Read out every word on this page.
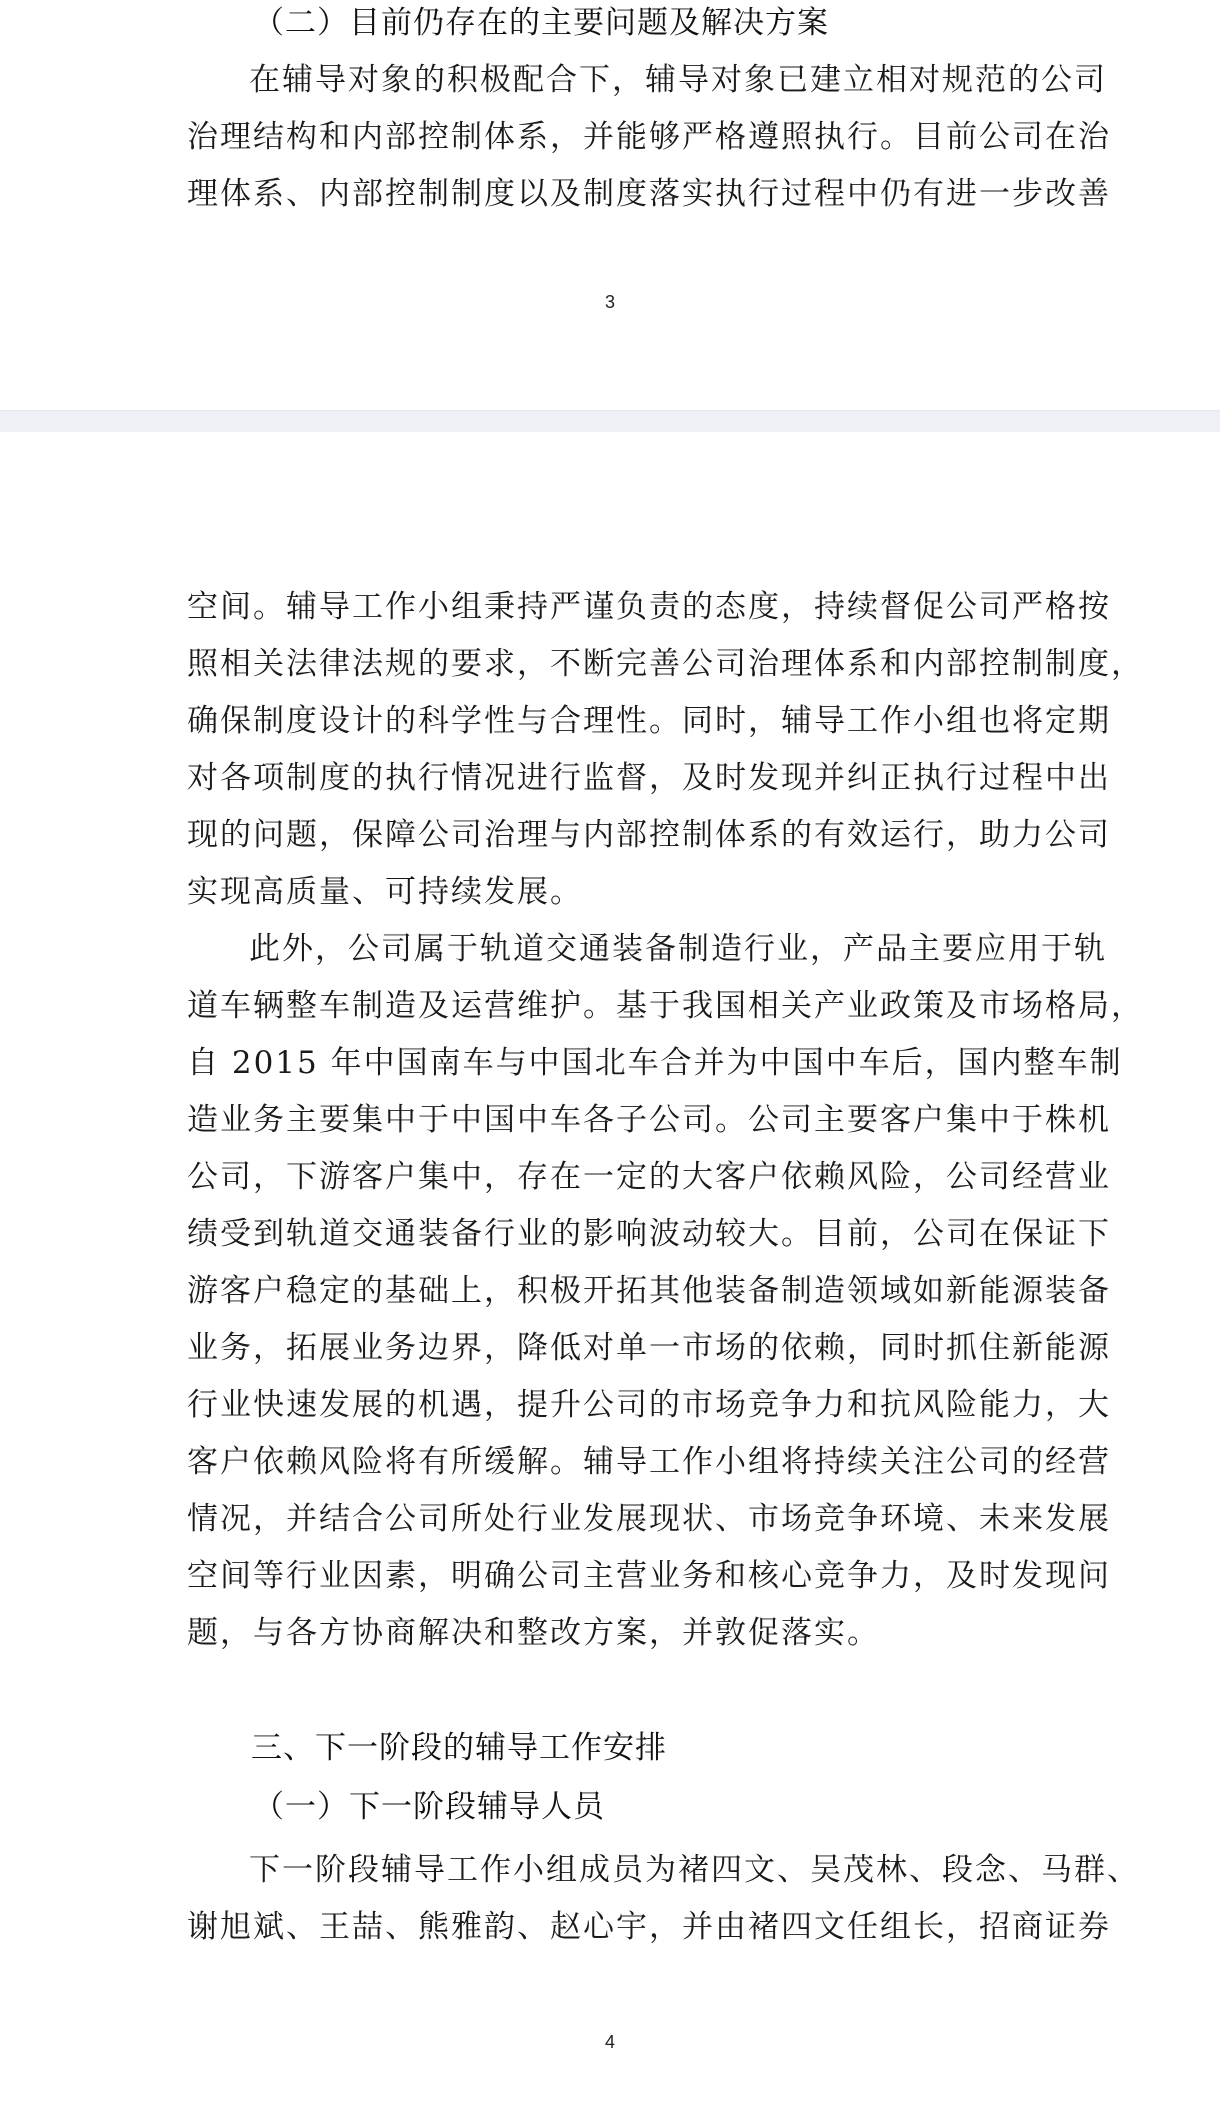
（二）目前仍存在的主要问题及解决方案
在辅导对象的积极配合下，辅导对象已建立相对规范的公司
治理结构和内部控制体系，并能够严格遵照执行。目前公司在治
理体系、内部控制制度以及制度落实执行过程中仍有进一步改善
3
空间。辅导工作小组秉持严谨负责的态度，持续督促公司严格按
照相关法律法规的要求，不断完善公司治理体系和内部控制制度，
确保制度设计的科学性与合理性。同时，辅导工作小组也将定期
对各项制度的执行情况进行监督，及时发现并纠正执行过程中出
现的问题，保障公司治理与内部控制体系的有效运行，助力公司
实现高质量、可持续发展。
此外，公司属于轨道交通装备制造行业，产品主要应用于轨
道车辆整车制造及运营维护。基于我国相关产业政策及市场格局，
自 2015 年中国南车与中国北车合并为中国中车后，国内整车制
造业务主要集中于中国中车各子公司。公司主要客户集中于株机
公司，下游客户集中，存在一定的大客户依赖风险，公司经营业
绩受到轨道交通装备行业的影响波动较大。目前，公司在保证下
游客户稳定的基础上，积极开拓其他装备制造领域如新能源装备
业务，拓展业务边界，降低对单一市场的依赖，同时抓住新能源
行业快速发展的机遇，提升公司的市场竞争力和抗风险能力，大
客户依赖风险将有所缓解。辅导工作小组将持续关注公司的经营
情况，并结合公司所处行业发展现状、市场竞争环境、未来发展
空间等行业因素，明确公司主营业务和核心竞争力，及时发现问
题，与各方协商解决和整改方案，并敦促落实。
三、下一阶段的辅导工作安排
（一）下一阶段辅导人员
下一阶段辅导工作小组成员为褚四文、吴茂林、段念、马群、
谢旭斌、王喆、熊雅韵、赵心宇，并由褚四文任组长，招商证券
4
